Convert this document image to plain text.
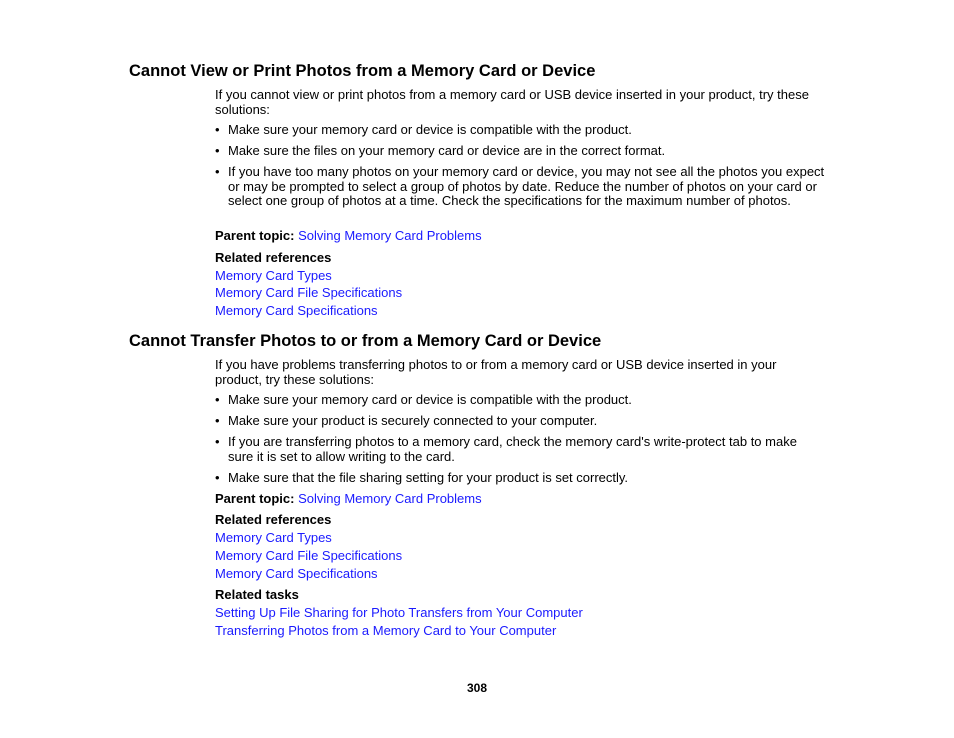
Cannot View or Print Photos from a Memory Card or Device

If you cannot view or print photos from a memory card or USB device inserted in your product, try these solutions:

• Make sure your memory card or device is compatible with the product.
• Make sure the files on your memory card or device are in the correct format.
• If you have too many photos on your memory card or device, you may not see all the photos you expect or may be prompted to select a group of photos by date. Reduce the number of photos on your card or select one group of photos at a time. Check the specifications for the maximum number of photos.
Parent topic: Solving Memory Card Problems
Related references
Memory Card Types
Memory Card File Specifications
Memory Card Specifications
Cannot Transfer Photos to or from a Memory Card or Device

If you have problems transferring photos to or from a memory card or USB device inserted in your product, try these solutions:

• Make sure your memory card or device is compatible with the product.
• Make sure your product is securely connected to your computer.
• If you are transferring photos to a memory card, check the memory card's write-protect tab to make sure it is set to allow writing to the card.
• Make sure that the file sharing setting for your product is set correctly.
Parent topic: Solving Memory Card Problems
Related references
Memory Card Types
Memory Card File Specifications
Memory Card Specifications
Related tasks
Setting Up File Sharing for Photo Transfers from Your Computer
Transferring Photos from a Memory Card to Your Computer
308
